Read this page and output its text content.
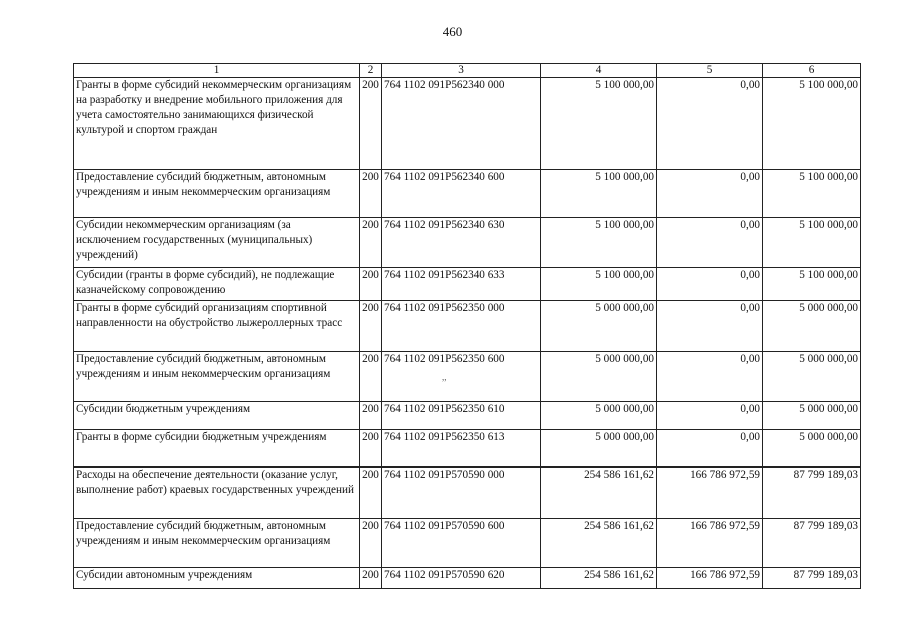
460
1	2	3	4	5	6
Гранты в форме субсидий некоммерческим организациям на разработку и внедрение мобильного приложения для учета самостоятельно занимающихся физической культурой и спортом граждан	200	764 1102 091Р562340 000	5 100 000,00	0,00	5 100 000,00
Предоставление субсидий бюджетным, автономным учреждениям и иным некоммерческим организациям	200	764 1102 091Р562340 600	5 100 000,00	0,00	5 100 000,00
Субсидии некоммерческим организациям (за исключением государственных (муниципальных) учреждений)	200	764 1102 091Р562340 630	5 100 000,00	0,00	5 100 000,00
Субсидии (гранты в форме субсидий), не подлежащие казначейскому сопровождению	200	764 1102 091Р562340 633	5 100 000,00	0,00	5 100 000,00
Гранты в форме субсидий организациям спортивной направленности на обустройство лыжероллерных трасс	200	764 1102 091Р562350 000	5 000 000,00	0,00	5 000 000,00
Предоставление субсидий бюджетным, автономным учреждениям и иным некоммерческим организациям	200	764 1102 091Р562350 600	5 000 000,00	0,00	5 000 000,00
Субсидии бюджетным учреждениям	200	764 1102 091Р562350 610	5 000 000,00	0,00	5 000 000,00
Гранты в форме субсидии бюджетным учреждениям	200	764 1102 091Р562350 613	5 000 000,00	0,00	5 000 000,00
Расходы на обеспечение деятельности (оказание услуг, выполнение работ) краевых государственных учреждений	200	764 1102 091Р570590 000	254 586 161,62	166 786 972,59	87 799 189,03
Предоставление субсидий бюджетным, автономным учреждениям и иным некоммерческим организациям	200	764 1102 091Р570590 600	254 586 161,62	166 786 972,59	87 799 189,03
Субсидии автономным учреждениям	200	764 1102 091Р570590 620	254 586 161,62	166 786 972,59	87 799 189,03
,,
